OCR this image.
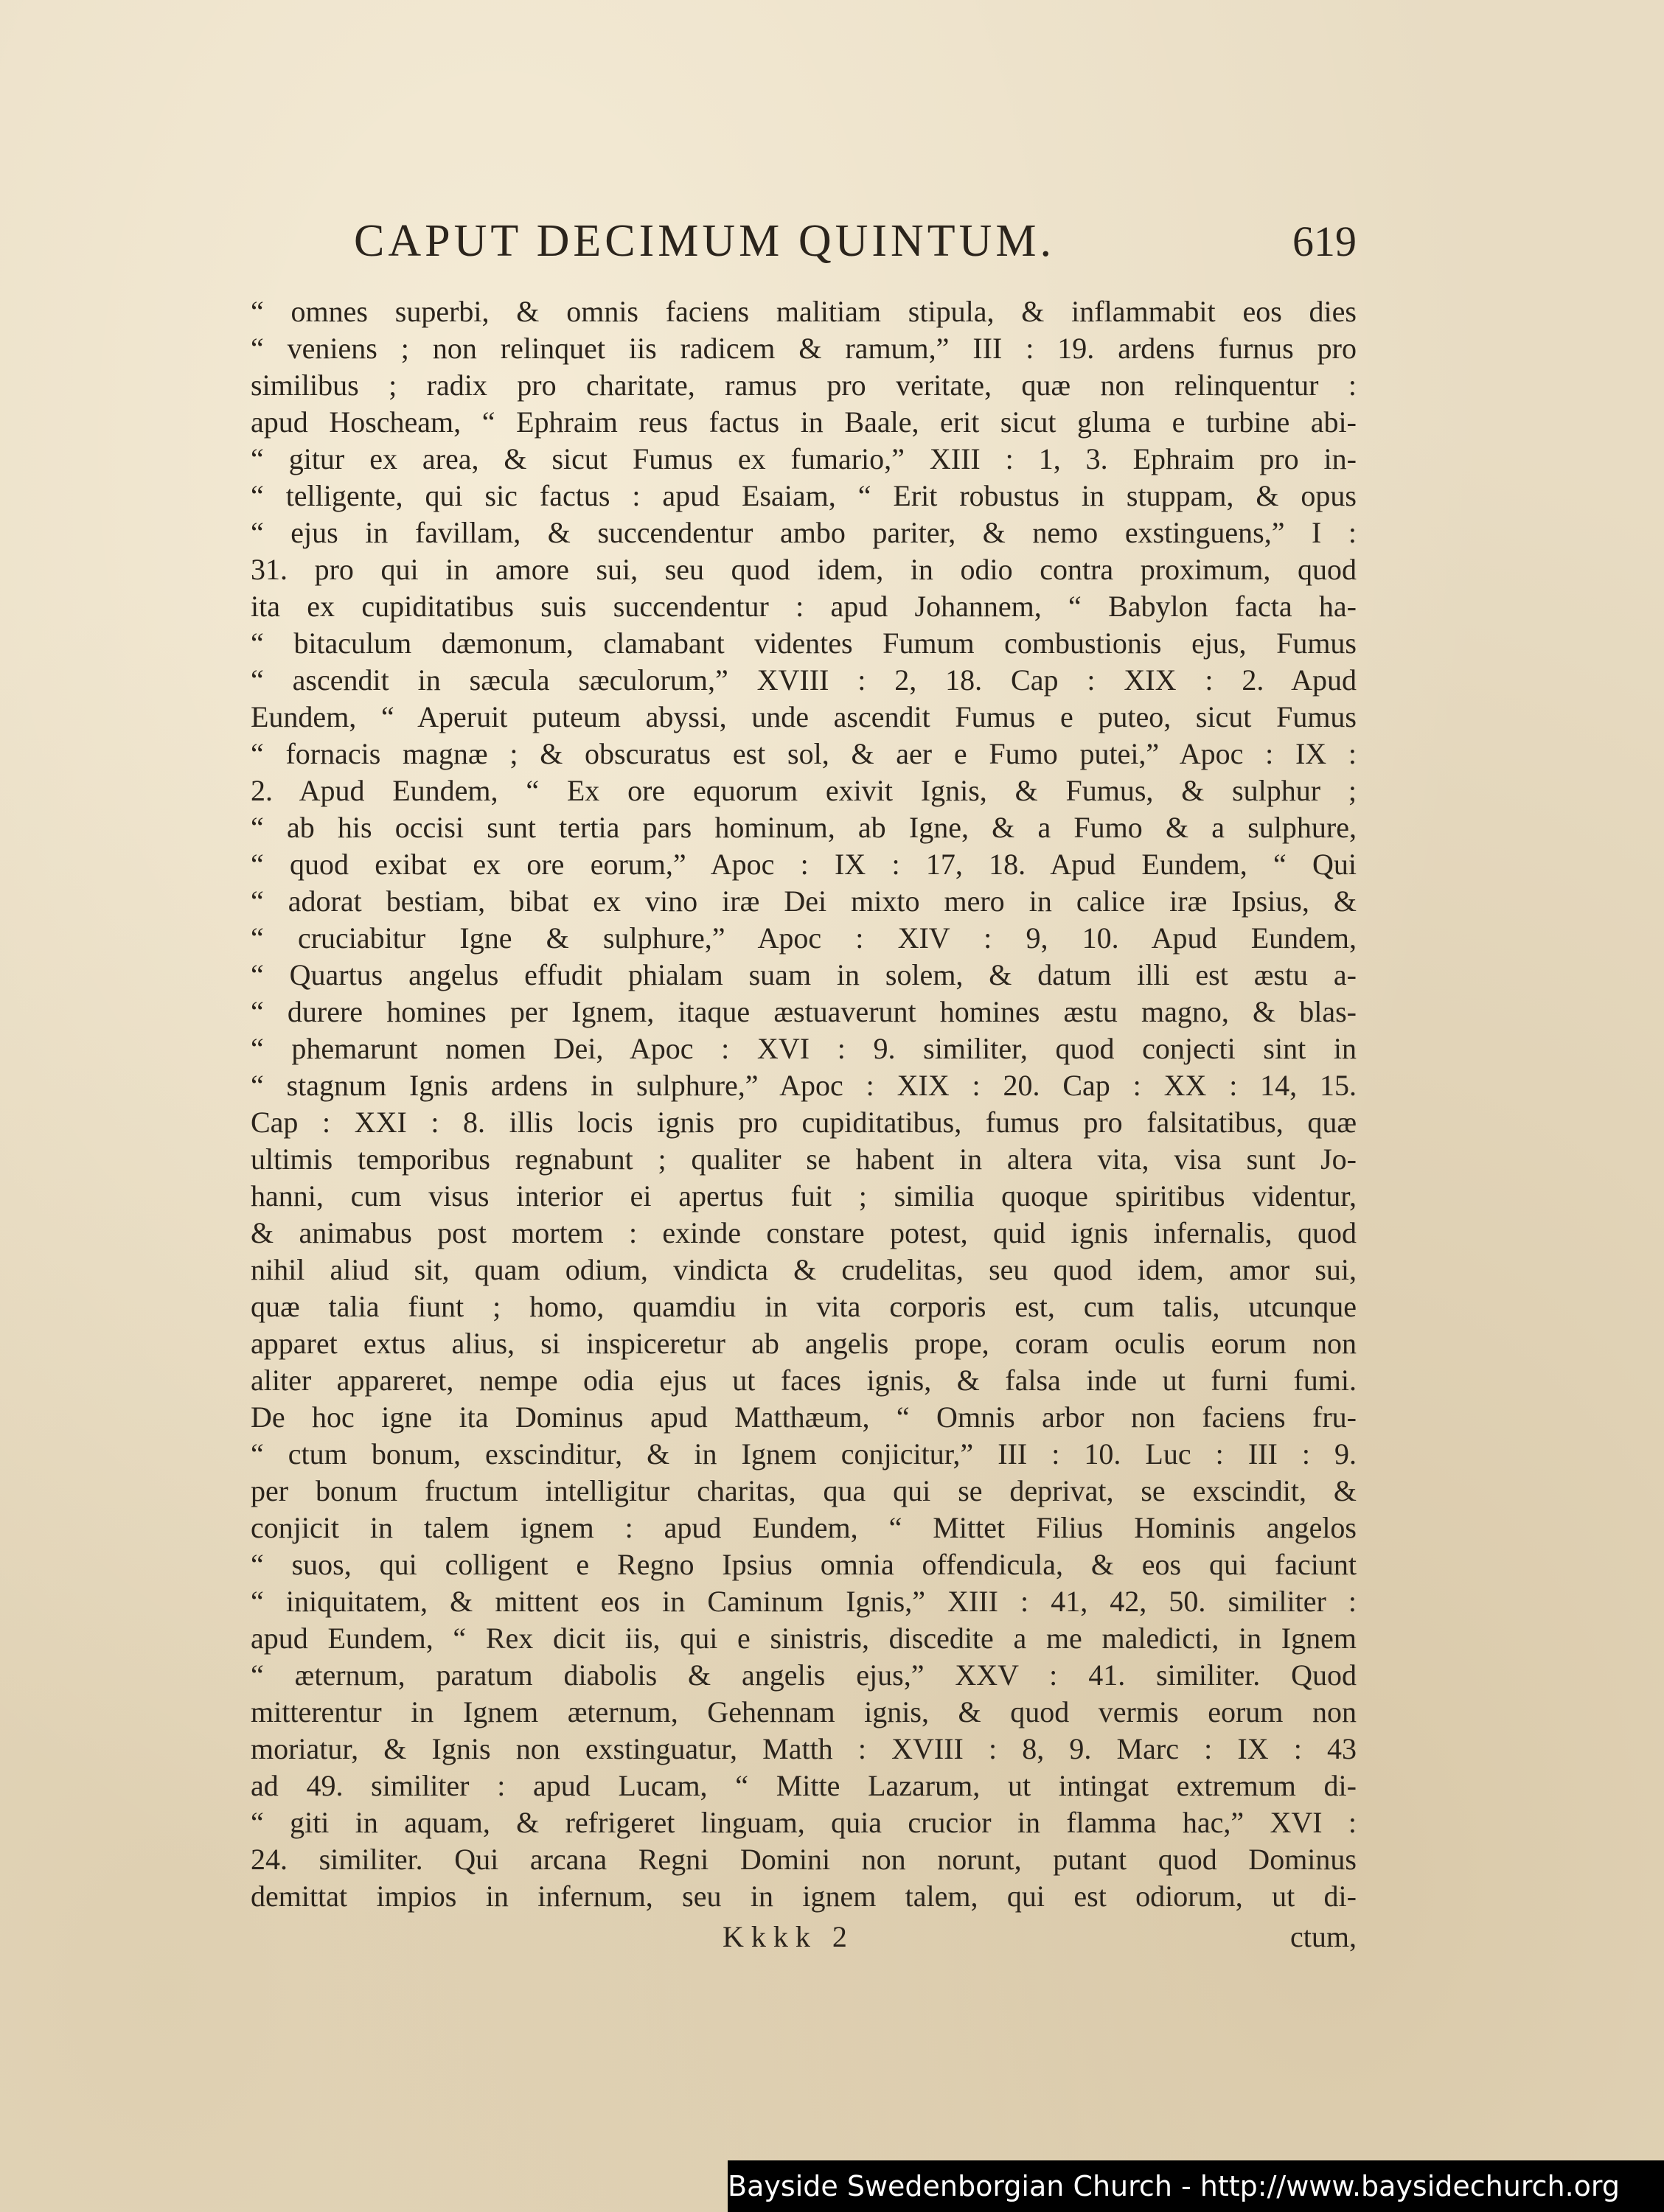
CAPUT DECIMUM QUINTUM.	619
“ omnes superbi, & omnis faciens malitiam stipula, & inflammabit eos dies
“ veniens ; non relinquet iis radicem & ramum,” III : 19. ardens furnus pro
similibus ; radix pro charitate, ramus pro veritate, quæ non relinquentur :
apud Hoscheam, “ Ephraim reus factus in Baale, erit sicut gluma e turbine abi-
“ gitur ex area, & sicut Fumus ex fumario,” XIII : 1, 3. Ephraim pro in-
“ telligente, qui sic factus : apud Esaiam, “ Erit robustus in stuppam, & opus
“ ejus in favillam, & succendentur ambo pariter, & nemo exstinguens,” I :
31. pro qui in amore sui, seu quod idem, in odio contra proximum, quod
ita ex cupiditatibus suis succendentur : apud Johannem, “ Babylon facta ha-
“ bitaculum dæmonum, clamabant videntes Fumum combustionis ejus, Fumus
“ ascendit in sæcula sæculorum,” XVIII : 2, 18. Cap : XIX : 2. Apud
Eundem, “ Aperuit puteum abyssi, unde ascendit Fumus e puteo, sicut Fumus
“ fornacis magnæ ; & obscuratus est sol, & aer e Fumo putei,” Apoc : IX :
2. Apud Eundem, “ Ex ore equorum exivit Ignis, & Fumus, & sulphur ;
“ ab his occisi sunt tertia pars hominum, ab Igne, & a Fumo & a sulphure,
“ quod exibat ex ore eorum,” Apoc : IX : 17, 18. Apud Eundem, “ Qui
“ adorat bestiam, bibat ex vino iræ Dei mixto mero in calice iræ Ipsius, &
“ cruciabitur Igne & sulphure,” Apoc : XIV : 9, 10. Apud Eundem,
“ Quartus angelus effudit phialam suam in solem, & datum illi est æstu a-
“ durere homines per Ignem, itaque æstuaverunt homines æstu magno, & blas-
“ phemarunt nomen Dei, Apoc : XVI : 9. similiter, quod conjecti sint in
“ stagnum Ignis ardens in sulphure,” Apoc : XIX : 20. Cap : XX : 14, 15.
Cap : XXI : 8. illis locis ignis pro cupiditatibus, fumus pro falsitatibus, quæ
ultimis temporibus regnabunt ; qualiter se habent in altera vita, visa sunt Jo-
hanni, cum visus interior ei apertus fuit ; similia quoque spiritibus videntur,
& animabus post mortem : exinde constare potest, quid ignis infernalis, quod
nihil aliud sit, quam odium, vindicta & crudelitas, seu quod idem, amor sui,
quæ talia fiunt ; homo, quamdiu in vita corporis est, cum talis, utcunque
apparet extus alius, si inspiceretur ab angelis prope, coram oculis eorum non
aliter appareret, nempe odia ejus ut faces ignis, & falsa inde ut furni fumi.
De hoc igne ita Dominus apud Matthæum, “ Omnis arbor non faciens fru-
“ ctum bonum, exscinditur, & in Ignem conjicitur,” III : 10. Luc : III : 9.
per bonum fructum intelligitur charitas, qua qui se deprivat, se exscindit, &
conjicit in talem ignem : apud Eundem, “ Mittet Filius Hominis angelos
“ suos, qui colligent e Regno Ipsius omnia offendicula, & eos qui faciunt
“ iniquitatem, & mittent eos in Caminum Ignis,” XIII : 41, 42, 50. similiter :
apud Eundem, “ Rex dicit iis, qui e sinistris, discedite a me maledicti, in Ignem
“ æternum, paratum diabolis & angelis ejus,” XXV : 41. similiter. Quod
mitterentur in Ignem æternum, Gehennam ignis, & quod vermis eorum non
moriatur, & Ignis non exstinguatur, Matth : XVIII : 8, 9. Marc : IX : 43
ad 49. similiter : apud Lucam, “ Mitte Lazarum, ut intingat extremum di-
“ giti in aquam, & refrigeret linguam, quia crucior in flamma hac,” XVI :
24. similiter. Qui arcana Regni Domini non norunt, putant quod Dominus
demittat impios in infernum, seu in ignem talem, qui est odiorum, ut di-
Kkkk 2	ctum,
Bayside Swedenborgian Church - http://www.baysidechurch.org
